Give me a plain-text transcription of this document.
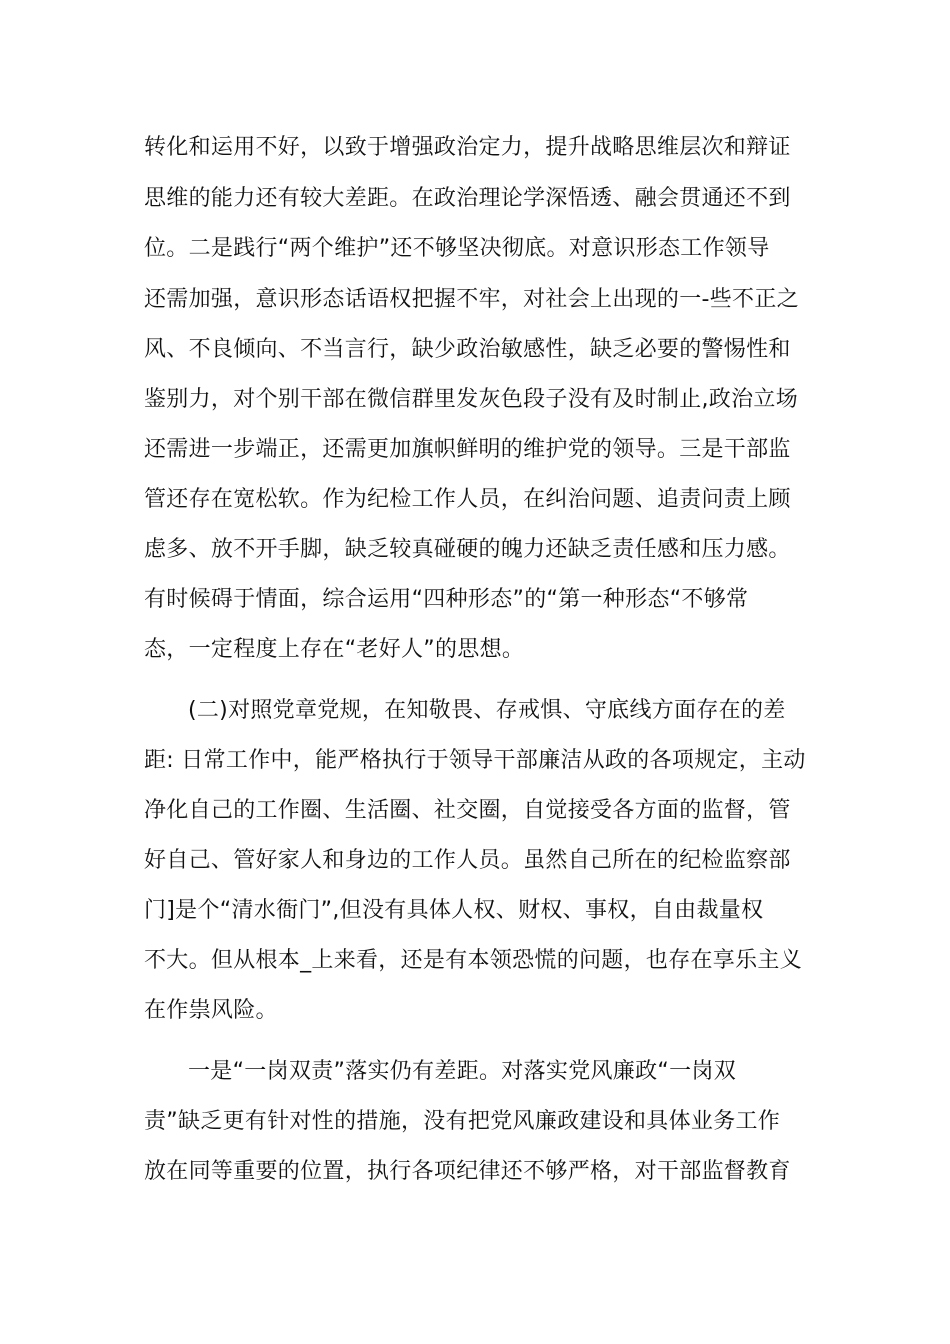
转化和运用不好，以致于增强政治定力，提升战略思维层次和辩证
思维的能力还有较大差距。在政治理论学深悟透、融会贯通还不到
位。二是践行“两个维护”还不够坚决彻底。对意识形态工作领导
还需加强，意识形态话语权把握不牢，对社会上出现的一-些不正之
风、不良倾向、不当言行，缺少政治敏感性，缺乏必要的警惕性和
鉴别力，对个别干部在微信群里发灰色段子没有及时制止,政治立场
还需进一步端正，还需更加旗帜鲜明的维护党的领导。三是干部监
管还存在宽松软。作为纪检工作人员，在纠治问题、追责问责上顾
虑多、放不开手脚，缺乏较真碰硬的魄力还缺乏责任感和压力感。
有时候碍于情面，综合运用“四种形态”的“第一种形态“不够常
态，一定程度上存在“老好人”的思想。
(二)对照党章党规，在知敬畏、存戒惧、守底线方面存在的差
距: 日常工作中，能严格执行于领导干部廉洁从政的各项规定，主动
净化自己的工作圈、生活圈、社交圈，自觉接受各方面的监督，管
好自己、管好家人和身边的工作人员。虽然自己所在的纪检监察部
门]是个“清水衙门”,但没有具体人权、财权、事权，自由裁量权
不大。但从根本_上来看，还是有本领恐慌的问题，也存在享乐主义
在作祟风险。
一是“一岗双责”落实仍有差距。对落实党风廉政“一岗双
责”缺乏更有针对性的措施，没有把党风廉政建设和具体业务工作
放在同等重要的位置，执行各项纪律还不够严格，对干部监督教育
